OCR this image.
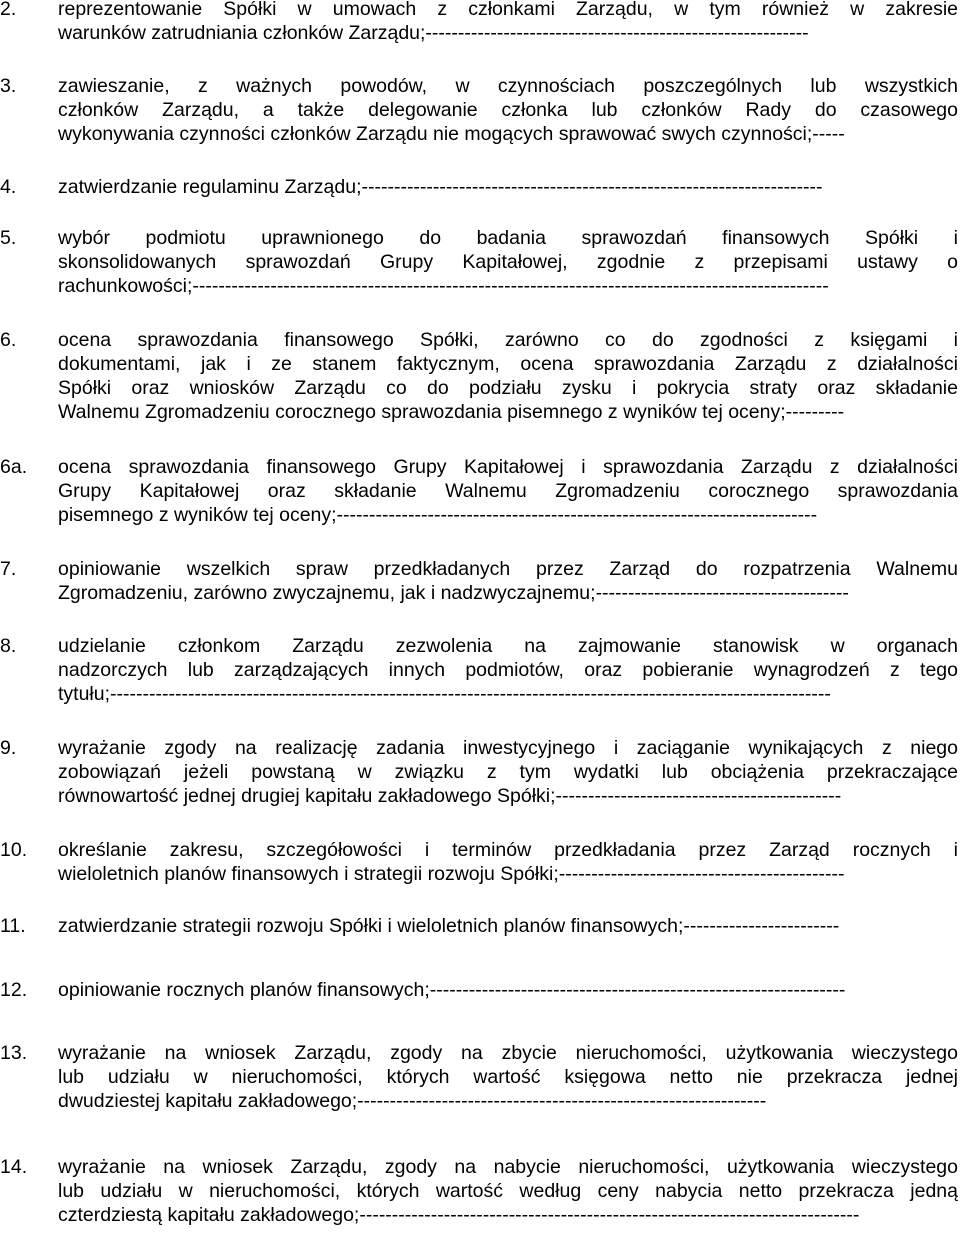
2. reprezentowanie Spółki w umowach z członkami Zarządu, w tym również w zakresie
warunków zatrudniania członków Zarządu;-----------------------------------------------------------
3. zawieszanie, z ważnych powodów, w czynnościach poszczególnych lub wszystkich
członków Zarządu, a także delegowanie członka lub członków Rady do czasowego
wykonywania czynności członków Zarządu nie mogących sprawować swych czynności;-----
4. zatwierdzanie regulaminu Zarządu;-----------------------------------------------------------------------
5. wybór podmiotu uprawnionego do badania sprawozdań finansowych Spółki i
skonsolidowanych sprawozdań Grupy Kapitałowej, zgodnie z przepisami ustawy o
rachunkowości;--------------------------------------------------------------------------------------------------
6. ocena sprawozdania finansowego Spółki, zarówno co do zgodności z księgami i
dokumentami, jak i ze stanem faktycznym, ocena sprawozdania Zarządu z działalności
Spółki oraz wniosków Zarządu co do podziału zysku i pokrycia straty oraz składanie
Walnemu Zgromadzeniu corocznego sprawozdania pisemnego z wyników tej oceny;---------
6a. ocena sprawozdania finansowego Grupy Kapitałowej i sprawozdania Zarządu z działalności
Grupy Kapitałowej oraz składanie Walnemu Zgromadzeniu corocznego sprawozdania
pisemnego z wyników tej oceny;--------------------------------------------------------------------------
7. opiniowanie wszelkich spraw przedkładanych przez Zarząd do rozpatrzenia Walnemu
Zgromadzeniu, zarówno zwyczajnemu, jak i nadzwyczajnemu;---------------------------------------
8. udzielanie członkom Zarządu zezwolenia na zajmowanie stanowisk w organach
nadzorczych lub zarządzających innych podmiotów, oraz pobieranie wynagrodzeń z tego
tytułu;---------------------------------------------------------------------------------------------------------------
9. wyrażanie zgody na realizację zadania inwestycyjnego i zaciąganie wynikających z niego
zobowiązań jeżeli powstaną w związku z tym wydatki lub obciążenia przekraczające
równowartość jednej drugiej kapitału zakładowego Spółki;--------------------------------------------
10. określanie zakresu, szczegółowości i terminów przedkładania przez Zarząd rocznych i
wieloletnich planów finansowych i strategii rozwoju Spółki;--------------------------------------------
11. zatwierdzanie strategii rozwoju Spółki i wieloletnich planów finansowych;------------------------
12. opiniowanie rocznych planów finansowych;----------------------------------------------------------------
13. wyrażanie na wniosek Zarządu, zgody na zbycie nieruchomości, użytkowania wieczystego
lub udziału w nieruchomości, których wartość księgowa netto nie przekracza jednej
dwudziestej kapitału zakładowego;---------------------------------------------------------------
14. wyrażanie na wniosek Zarządu, zgody na nabycie nieruchomości, użytkowania wieczystego
lub udziału w nieruchomości, których wartość według ceny nabycia netto przekracza jedną
czterdziestą kapitału zakładowego;-----------------------------------------------------------------------------
